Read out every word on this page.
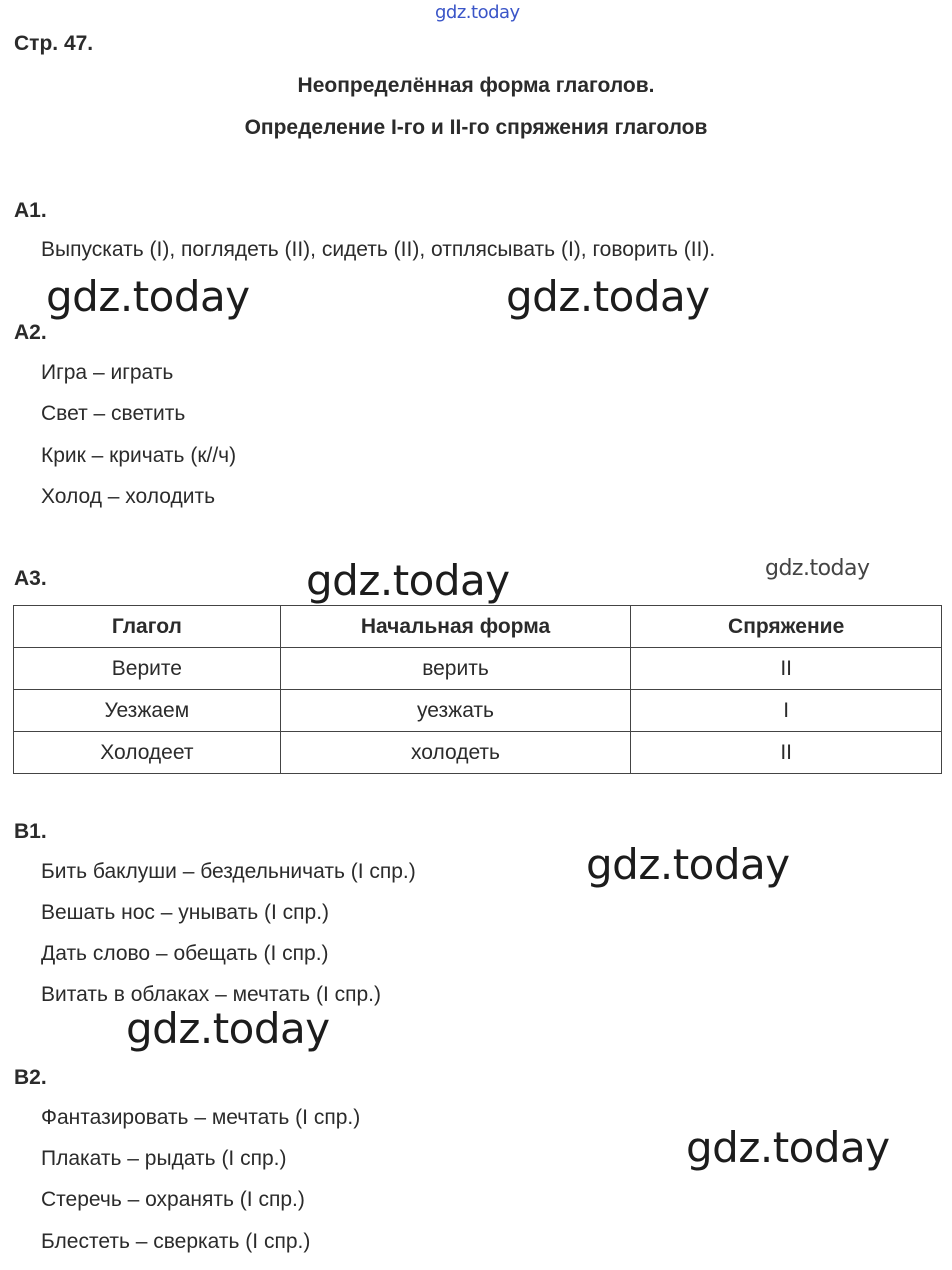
gdz.today
Стр. 47.
Неопределённая форма глаголов.
Определение I-го и II-го спряжения глаголов
А1.
Выпускать (I), поглядеть (II), сидеть (II), отплясывать (I), говорить (II).
gdz.today	gdz.today
А2.
Игра – играть
Свет – светить
Крик – кричать (к//ч)
Холод – холодить
А3.	gdz.today	gdz.today
Глагол	Начальная форма	Спряжение
Верите	верить	II
Уезжаем	уезжать	I
Холодеет	холодеть	II
В1.
Бить баклуши – бездельничать (I спр.)
Вешать нос – унывать (I спр.)
Дать слово – обещать (I спр.)
Витать в облаках – мечтать (I спр.)
gdz.today
gdz.today
В2.
Фантазировать – мечтать (I спр.)
Плакать – рыдать (I спр.)
Стеречь – охранять (I спр.)
Блестеть – сверкать (I спр.)
gdz.today
